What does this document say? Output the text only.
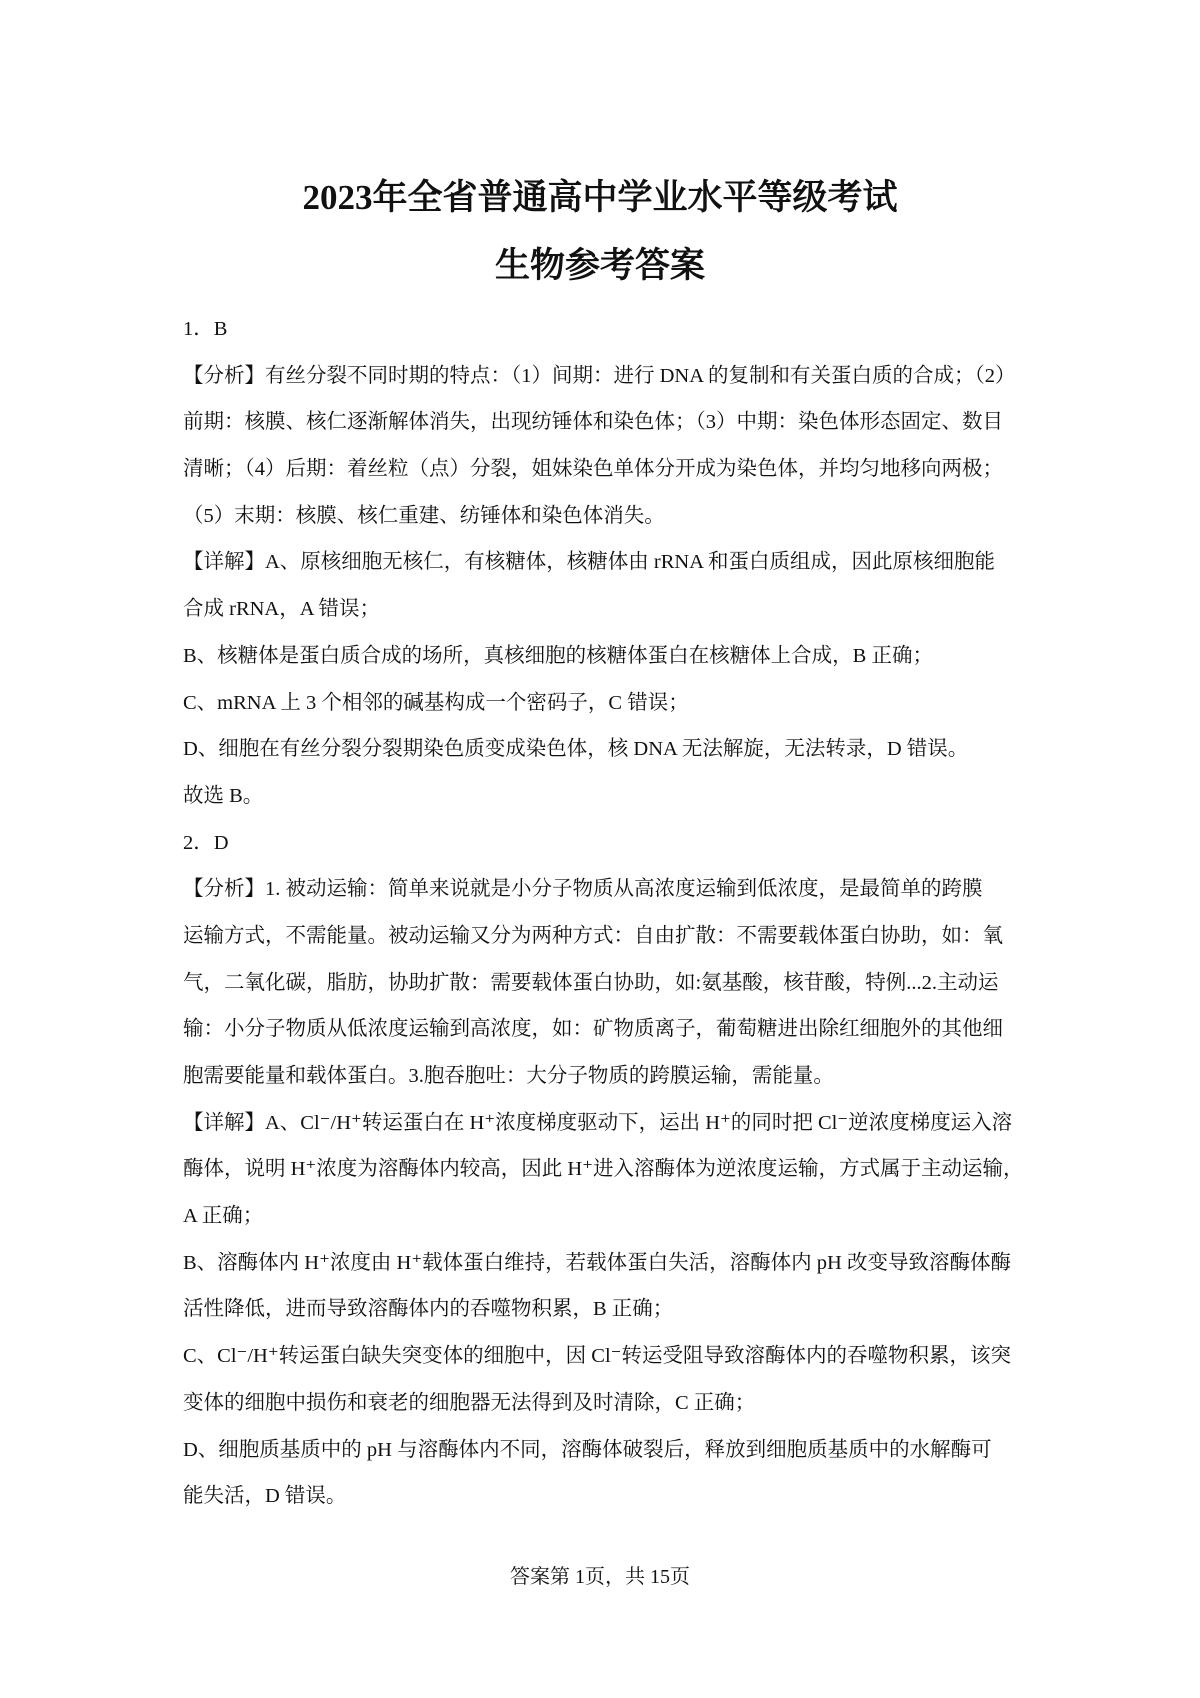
2023年全省普通高中学业水平等级考试
生物参考答案
1．B
【分析】有丝分裂不同时期的特点：（1）间期：进行 DNA 的复制和有关蛋白质的合成；（2）
前期：核膜、核仁逐渐解体消失，出现纺锤体和染色体；（3）中期：染色体形态固定、数目
清晰；（4）后期：着丝粒（点）分裂，姐妹染色单体分开成为染色体，并均匀地移向两极；
（5）末期：核膜、核仁重建、纺锤体和染色体消失。
【详解】A、原核细胞无核仁，有核糖体，核糖体由 rRNA 和蛋白质组成，因此原核细胞能
合成 rRNA，A 错误；
B、核糖体是蛋白质合成的场所，真核细胞的核糖体蛋白在核糖体上合成，B 正确；
C、mRNA 上 3 个相邻的碱基构成一个密码子，C 错误；
D、细胞在有丝分裂分裂期染色质变成染色体，核 DNA 无法解旋，无法转录，D 错误。
故选 B。
2．D
【分析】1. 被动运输：简单来说就是小分子物质从高浓度运输到低浓度，是最简单的跨膜
运输方式，不需能量。被动运输又分为两种方式：自由扩散：不需要载体蛋白协助，如：氧
气，二氧化碳，脂肪，协助扩散：需要载体蛋白协助，如:氨基酸，核苷酸，特例...2.主动运
输：小分子物质从低浓度运输到高浓度，如：矿物质离子，葡萄糖进出除红细胞外的其他细
胞需要能量和载体蛋白。3.胞吞胞吐：大分子物质的跨膜运输，需能量。
【详解】A、Cl⁻/H⁺转运蛋白在 H⁺浓度梯度驱动下，运出 H⁺的同时把 Cl⁻逆浓度梯度运入溶
酶体，说明 H⁺浓度为溶酶体内较高，因此 H⁺进入溶酶体为逆浓度运输，方式属于主动运输，
A 正确；
B、溶酶体内 H⁺浓度由 H⁺载体蛋白维持，若载体蛋白失活，溶酶体内 pH 改变导致溶酶体酶
活性降低，进而导致溶酶体内的吞噬物积累，B 正确；
C、Cl⁻/H⁺转运蛋白缺失突变体的细胞中，因 Cl⁻转运受阻导致溶酶体内的吞噬物积累，该突
变体的细胞中损伤和衰老的细胞器无法得到及时清除，C 正确；
D、细胞质基质中的 pH 与溶酶体内不同，溶酶体破裂后，释放到细胞质基质中的水解酶可
能失活，D 错误。
答案第 1页，共 15页
